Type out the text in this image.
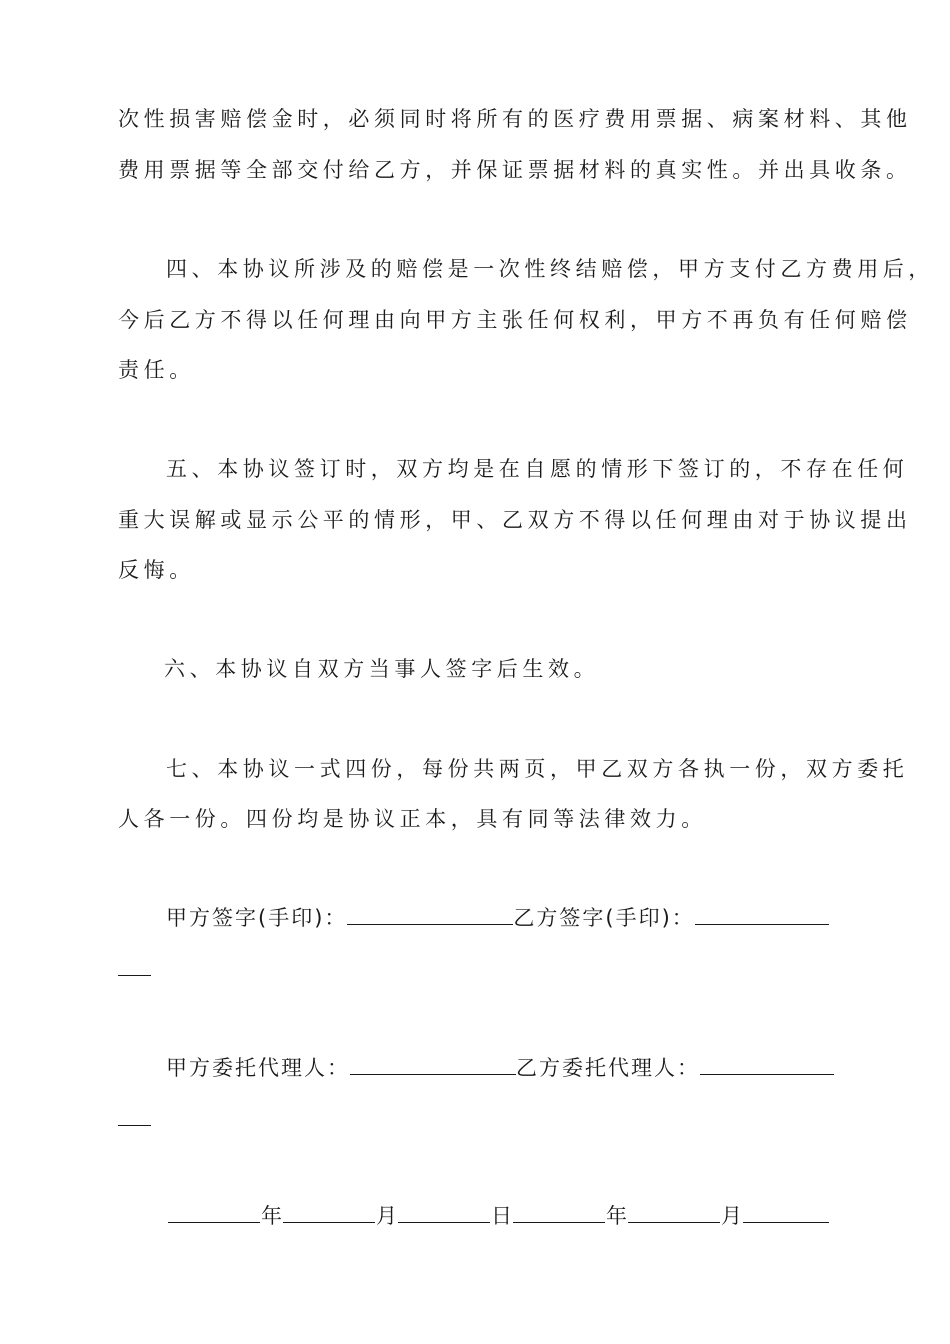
次性损害赔偿金时，必须同时将所有的医疗费用票据、病案材料、其他
费用票据等全部交付给乙方，并保证票据材料的真实性。并出具收条。
四、本协议所涉及的赔偿是一次性终结赔偿，甲方支付乙方费用后，
今后乙方不得以任何理由向甲方主张任何权利，甲方不再负有任何赔偿
责任。
五、本协议签订时，双方均是在自愿的情形下签订的，不存在任何
重大误解或显示公平的情形，甲、乙双方不得以任何理由对于协议提出
反悔。
六、本协议自双方当事人签字后生效。
七、本协议一式四份，每份共两页，甲乙双方各执一份，双方委托
人各一份。四份均是协议正本，具有同等法律效力。
甲方签字(手印)：	乙方签字(手印)：
甲方委托代理人：	乙方委托代理人：
年	月	日	年	月
